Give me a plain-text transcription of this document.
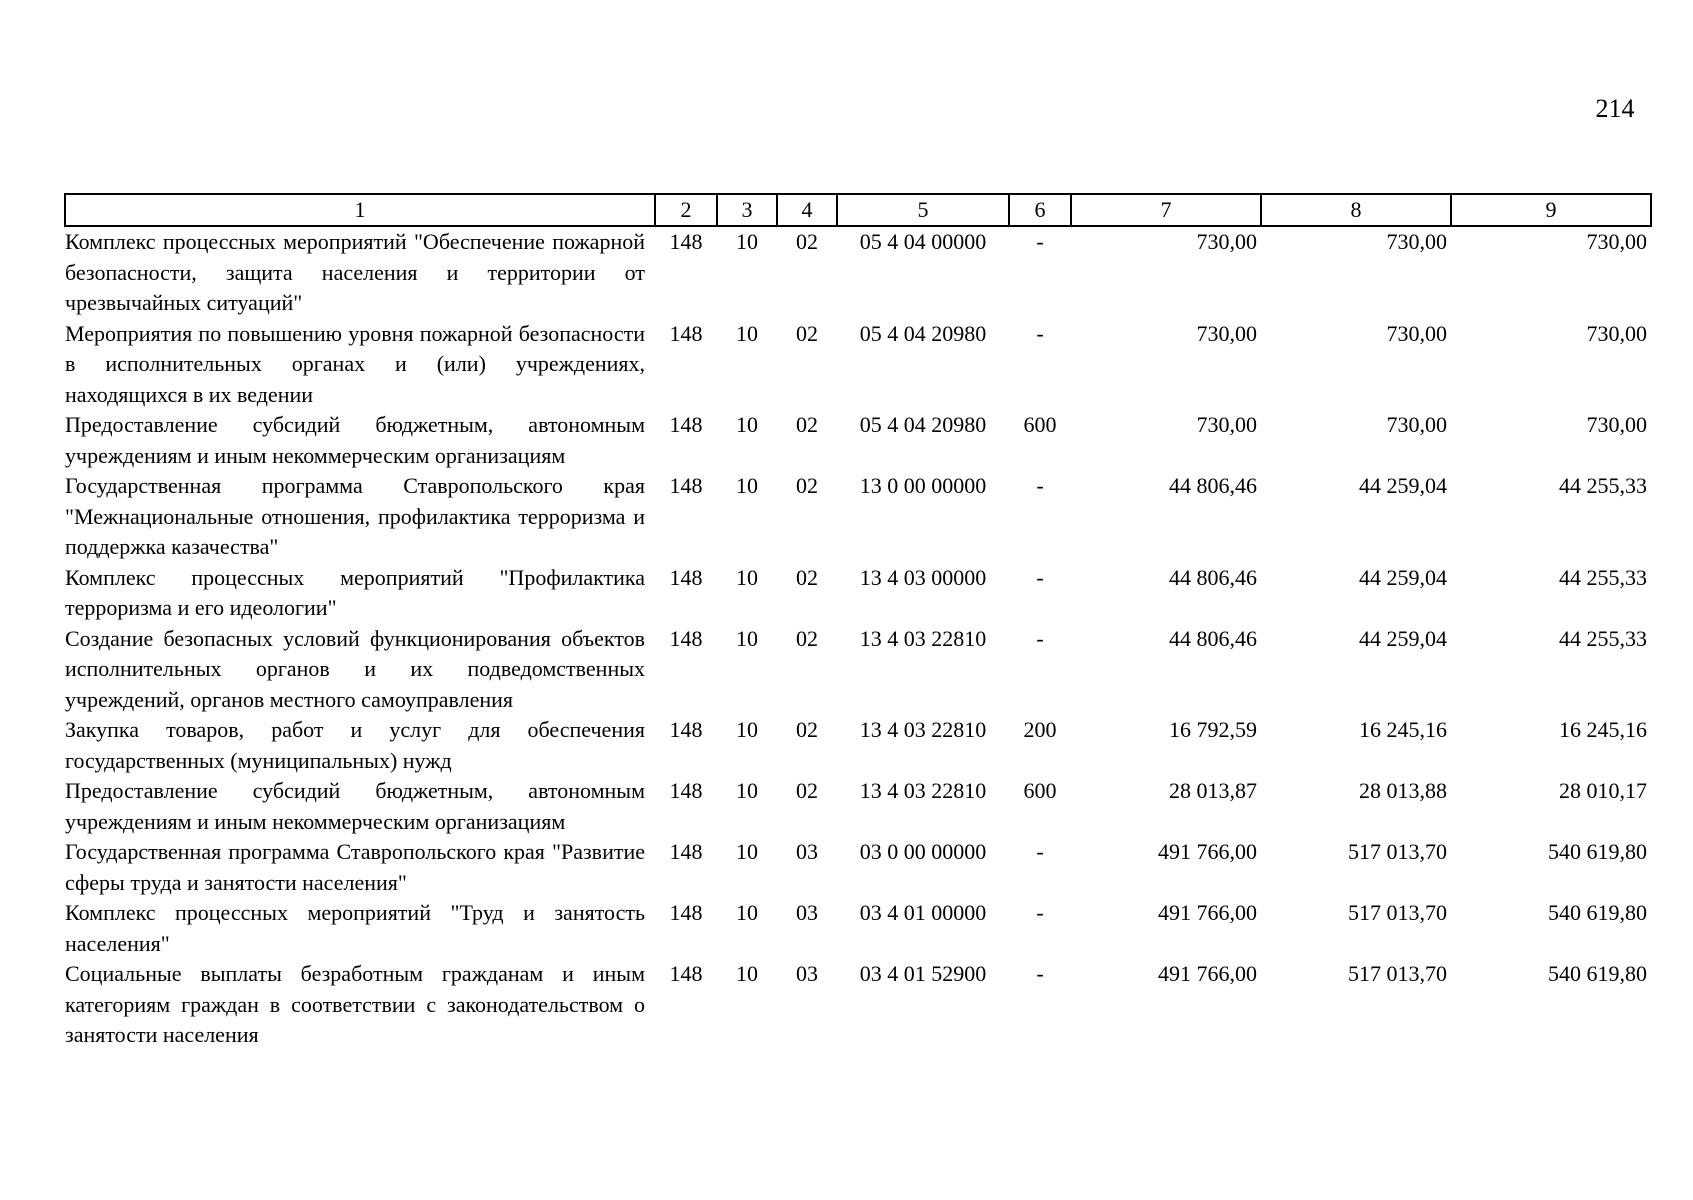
214
1	2	3	4	5	6	7	8	9
Комплекс процессных мероприятий "Обеспечение пожарной безопасности, защита населения и территории от чрезвычайных ситуаций"	148	10	02	05 4 04 00000	-	730,00	730,00	730,00
Мероприятия по повышению уровня пожарной безопасности в исполнительных органах и (или) учреждениях, находящихся в их ведении	148	10	02	05 4 04 20980	-	730,00	730,00	730,00
Предоставление субсидий бюджетным, автономным учреждениям и иным некоммерческим организациям	148	10	02	05 4 04 20980	600	730,00	730,00	730,00
Государственная программа Ставропольского края "Межнациональные отношения, профилактика терроризма и поддержка казачества"	148	10	02	13 0 00 00000	-	44 806,46	44 259,04	44 255,33
Комплекс процессных мероприятий "Профилактика терроризма и его идеологии"	148	10	02	13 4 03 00000	-	44 806,46	44 259,04	44 255,33
Создание безопасных условий функционирования объектов исполнительных органов и их подведомственных учреждений, органов местного самоуправления	148	10	02	13 4 03 22810	-	44 806,46	44 259,04	44 255,33
Закупка товаров, работ и услуг для обеспечения государственных (муниципальных) нужд	148	10	02	13 4 03 22810	200	16 792,59	16 245,16	16 245,16
Предоставление субсидий бюджетным, автономным учреждениям и иным некоммерческим организациям	148	10	02	13 4 03 22810	600	28 013,87	28 013,88	28 010,17
Государственная программа Ставропольского края "Развитие сферы труда и занятости населения"	148	10	03	03 0 00 00000	-	491 766,00	517 013,70	540 619,80
Комплекс процессных мероприятий "Труд и занятость населения"	148	10	03	03 4 01 00000	-	491 766,00	517 013,70	540 619,80
Социальные выплаты безработным гражданам и иным категориям граждан в соответствии с законодательством о занятости населения	148	10	03	03 4 01 52900	-	491 766,00	517 013,70	540 619,80
